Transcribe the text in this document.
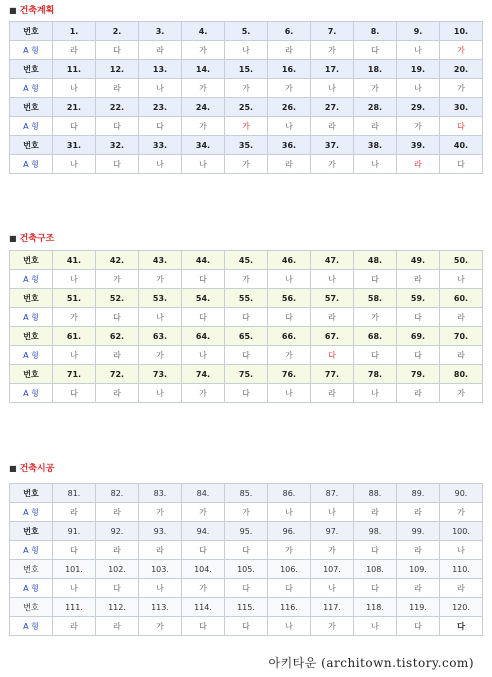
■ 건축계획
번호	1.	2.	3.	4.	5.	6.	7.	8.	9.	10.
A 형	라	다	라	가	나	라	가	다	나	가
번호	11.	12.	13.	14.	15.	16.	17.	18.	19.	20.
A 형	나	라	나	가	가	가	나	가	나	가
번호	21.	22.	23.	24.	25.	26.	27.	28.	29.	30.
A 형	다	다	다	가	가	나	라	라	가	다
번호	31.	32.	33.	34.	35.	36.	37.	38.	39.	40.
A 형	나	다	나	나	가	라	가	나	라	다
■ 건축구조
번호	41.	42.	43.	44.	45.	46.	47.	48.	49.	50.
A 형	나	가	가	다	가	나	나	다	라	나
번호	51.	52.	53.	54.	55.	56.	57.	58.	59.	60.
A 형	가	다	나	다	다	다	라	가	다	라
번호	61.	62.	63.	64.	65.	66.	67.	68.	69.	70.
A 형	나	라	가	나	다	가	다	다	다	라
번호	71.	72.	73.	74.	75.	76.	77.	78.	79.	80.
A 형	다	라	나	가	다	나	라	나	라	가
■ 건축시공
번호	81.	82.	83.	84.	85.	86.	87.	88.	89.	90.
A 형	라	라	가	가	가	나	나	라	라	가
번호	91.	92.	93.	94.	95.	96.	97.	98.	99.	100.
A 형	다	라	라	다	다	가	가	다	라	나
번호	101.	102.	103.	104.	105.	106.	107.	108.	109.	110.
A 형	나	다	나	가	다	다	나	다	라	라
번호	111.	112.	113.	114.	115.	116.	117.	118.	119.	120.
A 형	라	라	가	다	다	나	가	나	다	다
아키타운 (architown.tistory.com)
